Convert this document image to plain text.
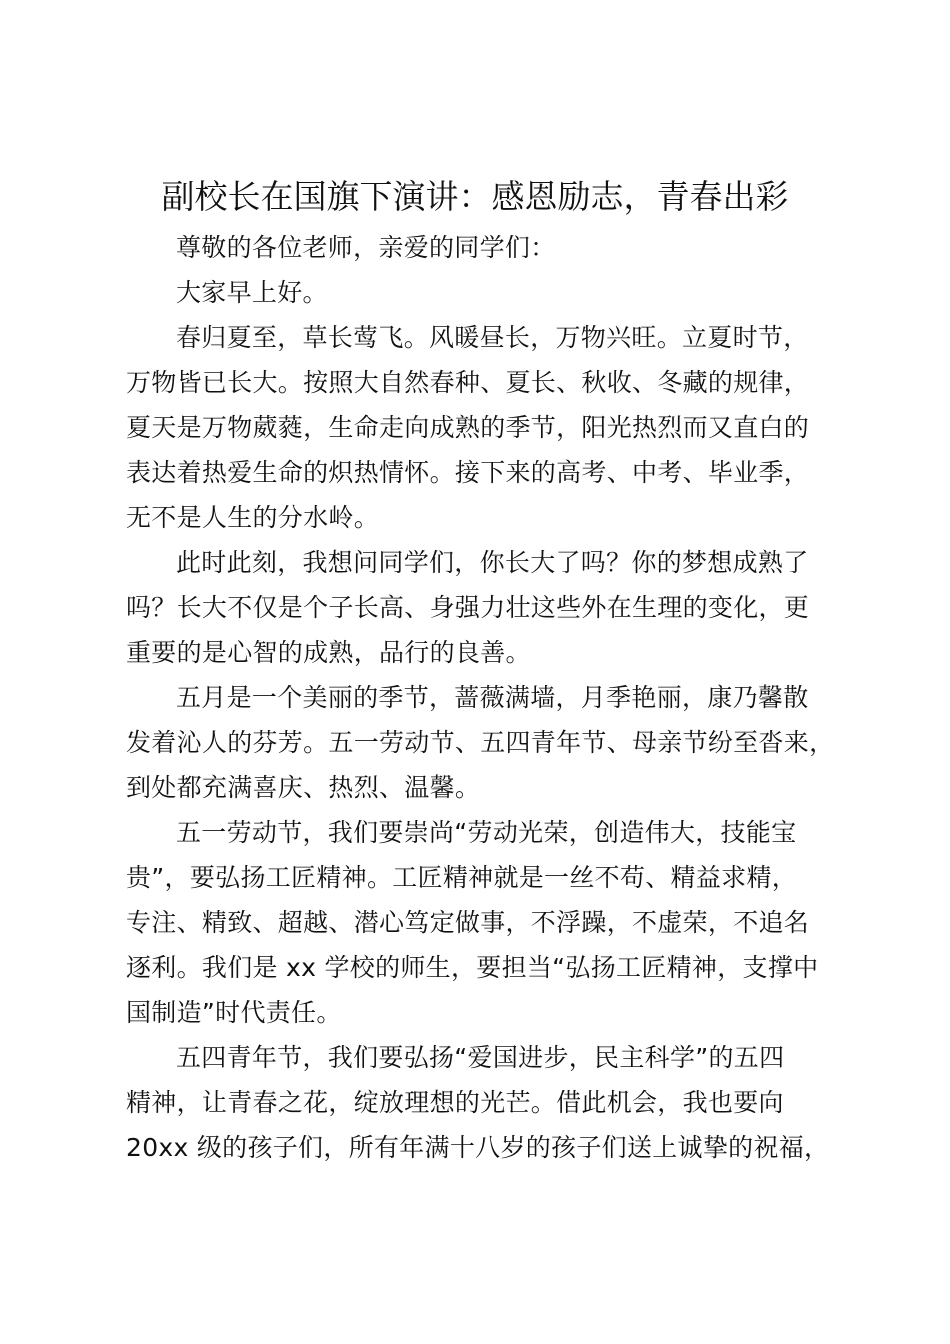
副校长在国旗下演讲：感恩励志，青春出彩

尊敬的各位老师，亲爱的同学们：

大家早上好。

春归夏至，草长莺飞。风暖昼长，万物兴旺。立夏时节，
万物皆已长大。按照大自然春种、夏长、秋收、冬藏的规律，
夏天是万物葳蕤，生命走向成熟的季节，阳光热烈而又直白的
表达着热爱生命的炽热情怀。接下来的高考、中考、毕业季，
无不是人生的分水岭。

此时此刻，我想问同学们，你长大了吗？你的梦想成熟了
吗？长大不仅是个子长高、身强力壮这些外在生理的变化，更
重要的是心智的成熟，品行的良善。

五月是一个美丽的季节，蔷薇满墙，月季艳丽，康乃馨散
发着沁人的芬芳。五一劳动节、五四青年节、母亲节纷至沓来，
到处都充满喜庆、热烈、温馨。

五一劳动节，我们要崇尚“劳动光荣，创造伟大，技能宝
贵”，要弘扬工匠精神。工匠精神就是一丝不苟、精益求精，
专注、精致、超越、潜心笃定做事，不浮躁，不虚荣，不追名
逐利。我们是 xx 学校的师生，要担当“弘扬工匠精神，支撑中
国制造”时代责任。

五四青年节，我们要弘扬“爱国进步，民主科学”的五四
精神，让青春之花，绽放理想的光芒。借此机会，我也要向
20xx 级的孩子们，所有年满十八岁的孩子们送上诚挚的祝福，
